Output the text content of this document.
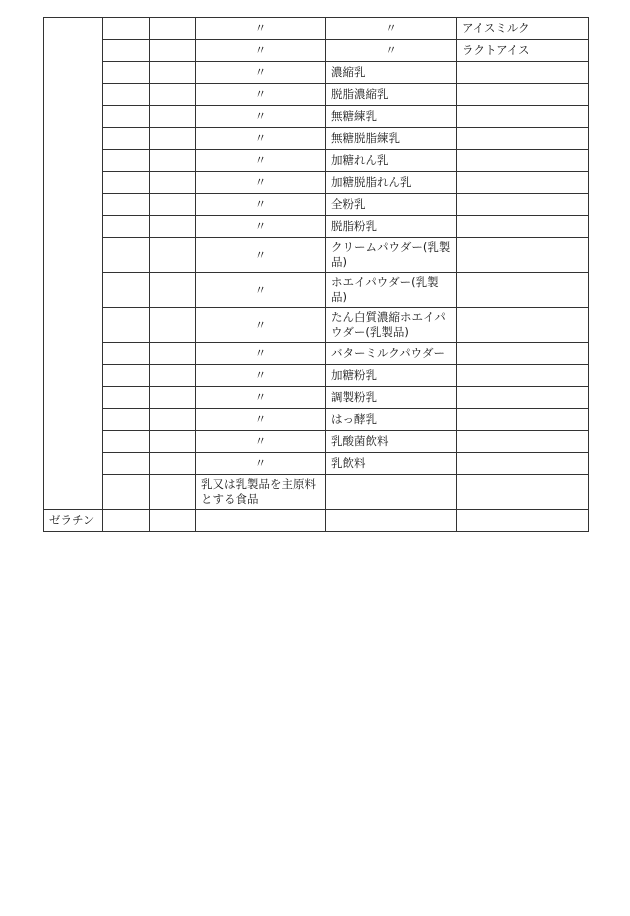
			〃	〃	アイスミルク
			〃	〃	ラクトアイス
			〃	濃縮乳	
			〃	脱脂濃縮乳	
			〃	無糖練乳	
			〃	無糖脱脂練乳	
			〃	加糖れん乳	
			〃	加糖脱脂れん乳	
			〃	全粉乳	
			〃	脱脂粉乳	
			〃	クリームパウダー(乳製品)	
			〃	ホエイパウダー(乳製品)	
			〃	たん白質濃縮ホエイパウダー(乳製品)	
			〃	バターミルクパウダー	
			〃	加糖粉乳	
			〃	調製粉乳	
			〃	はっ酵乳	
			〃	乳酸菌飲料	
			〃	乳飲料	
			乳又は乳製品を主原料とする食品		
ゼラチン					
